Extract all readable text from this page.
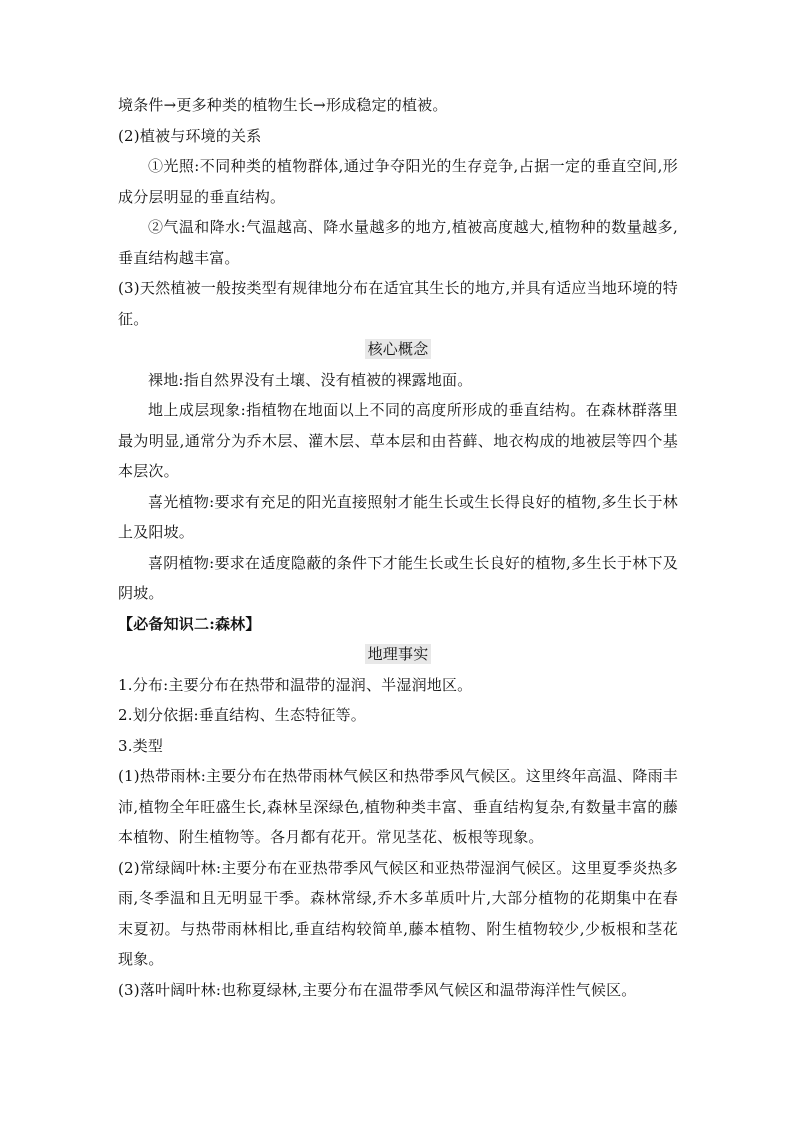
境条件→更多种类的植物生长→形成稳定的植被。

(2)植被与环境的关系

①光照:不同种类的植物群体,通过争夺阳光的生存竞争,占据一定的垂直空间,形成分层明显的垂直结构。

②气温和降水:气温越高、降水量越多的地方,植被高度越大,植物种的数量越多,垂直结构越丰富。

(3)天然植被一般按类型有规律地分布在适宜其生长的地方,并具有适应当地环境的特征。

核心概念

裸地:指自然界没有土壤、没有植被的裸露地面。

地上成层现象:指植物在地面以上不同的高度所形成的垂直结构。在森林群落里最为明显,通常分为乔木层、灌木层、草本层和由苔藓、地衣构成的地被层等四个基本层次。

喜光植物:要求有充足的阳光直接照射才能生长或生长得良好的植物,多生长于林上及阳坡。

喜阴植物:要求在适度隐蔽的条件下才能生长或生长良好的植物,多生长于林下及阴坡。

【必备知识二:森林】

地理事实

1.分布:主要分布在热带和温带的湿润、半湿润地区。

2.划分依据:垂直结构、生态特征等。

3.类型

(1)热带雨林:主要分布在热带雨林气候区和热带季风气候区。这里终年高温、降雨丰沛,植物全年旺盛生长,森林呈深绿色,植物种类丰富、垂直结构复杂,有数量丰富的藤本植物、附生植物等。各月都有花开。常见茎花、板根等现象。

(2)常绿阔叶林:主要分布在亚热带季风气候区和亚热带湿润气候区。这里夏季炎热多雨,冬季温和且无明显干季。森林常绿,乔木多革质叶片,大部分植物的花期集中在春末夏初。与热带雨林相比,垂直结构较简单,藤本植物、附生植物较少,少板根和茎花现象。

(3)落叶阔叶林:也称夏绿林,主要分布在温带季风气候区和温带海洋性气候区。
